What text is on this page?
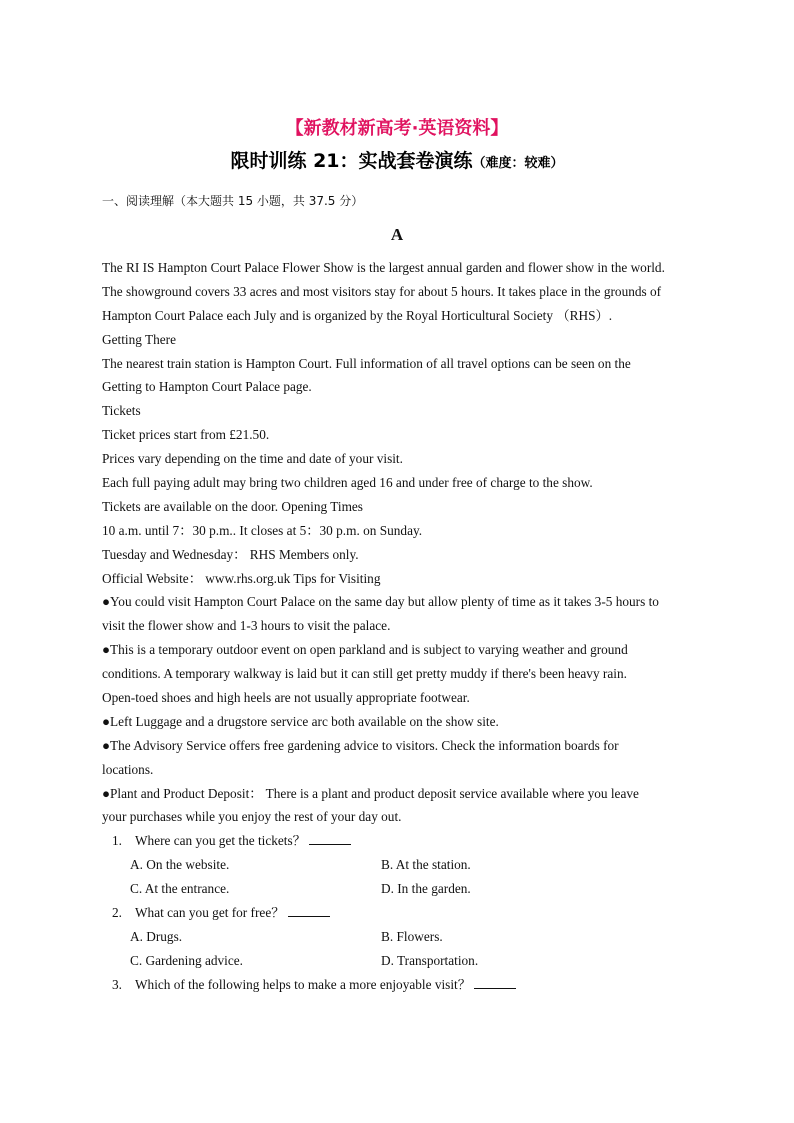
【新教材新高考·英语资料】
限时训练 21：实战套卷演练（难度：较难）
一、阅读理解（本大题共 15 小题，共 37.5 分）
A
The RI IS Hampton Court Palace Flower Show is the largest annual garden and flower show in the world.
The showground covers 33 acres and most visitors stay for about 5 hours. It takes place in the grounds of
Hampton Court Palace each July and is organized by the Royal Horticultural Society （RHS）.
Getting There
The nearest train station is Hampton Court. Full information of all travel options can be seen on the
Getting to Hampton Court Palace page.
Tickets
Ticket prices start from £21.50.
Prices vary depending on the time and date of your visit.
Each full paying adult may bring two children aged 16 and under free of charge to the show.
Tickets are available on the door. Opening Times
10 a.m. until 7：30 p.m.. It closes at 5：30 p.m. on Sunday.
Tuesday and Wednesday： RHS Members only.
Official Website： www.rhs.org.uk Tips for Visiting
●You could visit Hampton Court Palace on the same day but allow plenty of time as it takes 3-5 hours to
visit the flower show and 1-3 hours to visit the palace.
●This is a temporary outdoor event on open parkland and is subject to varying weather and ground
conditions. A temporary walkway is laid but it can still get pretty muddy if there's been heavy rain.
Open-toed shoes and high heels are not usually appropriate footwear.
●Left Luggage and a drugstore service arc both available on the show site.
●The Advisory Service offers free gardening advice to visitors. Check the information boards for
locations.
●Plant and Product Deposit： There is a plant and product deposit service available where you leave
your purchases while you enjoy the rest of your day out.
1. Where can you get the tickets？
A. On the website.	B. At the station.
C. At the entrance.	D. In the garden.
2. What can you get for free？
A. Drugs.	B. Flowers.
C. Gardening advice.	D. Transportation.
3. Which of the following helps to make a more enjoyable visit？
